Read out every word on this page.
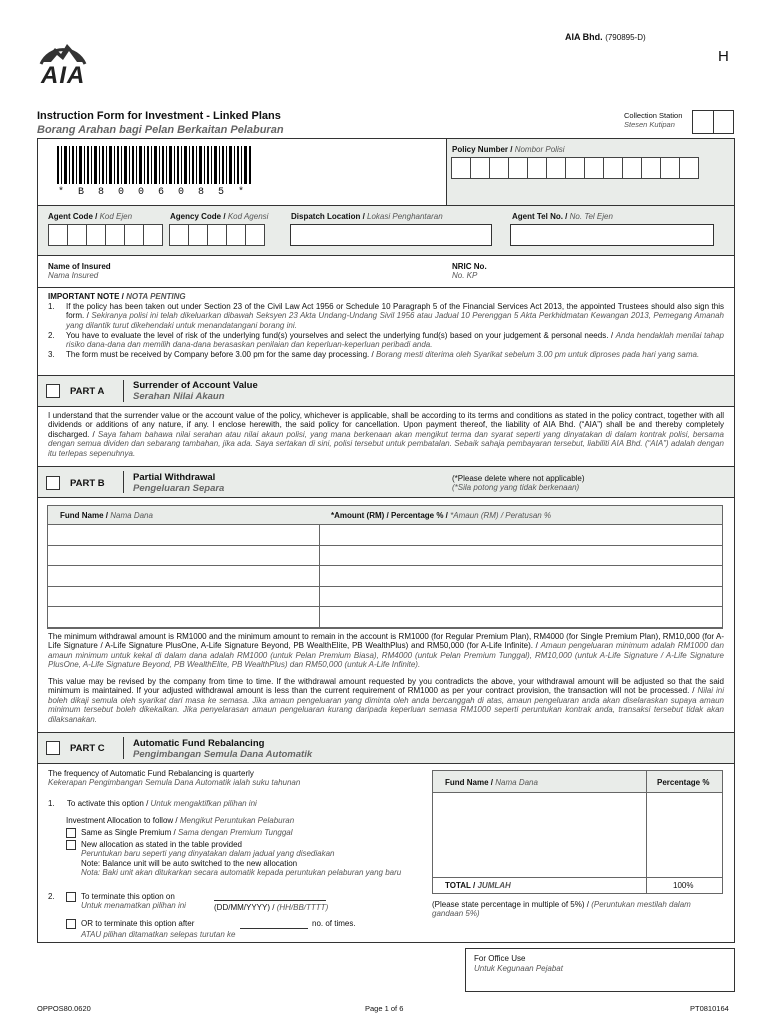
AIA
AIA Bhd. (790895-D)
H
Instruction Form for Investment - Linked Plans
Borang Arahan bagi Pelan Berkaitan Pelaburan
Collection Station
Stesen Kutipan
* B 8 0 0 6 0 8 5 *
Policy Number / Nombor Polisi
Agent Code / Kod Ejen	Agency Code / Kod Agensi	Dispatch Location / Lokasi Penghantaran	Agent Tel No. / No. Tel Ejen
Name of Insured
Nama Insured
NRIC No.
No. KP
IMPORTANT NOTE / NOTA PENTING
1. If the policy has been taken out under Section 23 of the Civil Law Act 1956 or Schedule 10 Paragraph 5 of the Financial Services Act 2013, the appointed Trustees should also sign this form. / Sekiranya polisi ini telah dikeluarkan dibawah Seksyen 23 Akta Undang-Undang Sivil 1956 atau Jadual 10 Perenggan 5 Akta Perkhidmatan Kewangan 2013, Pemegang Amanah yang dilantik turut dikehendaki untuk menandatangani borang ini.

2. You have to evaluate the level of risk of the underlying fund(s) yourselves and select the underlying fund(s) based on your judgement & personal needs. / Anda hendaklah menilai tahap risiko dana-dana dan memilih dana-dana berasaskan penilaian dan keperluan-keperluan peribadi anda.

3. The form must be received by Company before 3.00 pm for the same day processing. / Borang mesti diterima oleh Syarikat sebelum 3.00 pm untuk diproses pada hari yang sama.

PART A
Surrender of Account Value
Serahan Nilai Akaun
I understand that the surrender value or the account value of the policy, whichever is applicable, shall be according to its terms and conditions as stated in the policy contract, together with all dividends or additions of any nature, if any. I enclose herewith, the said policy for cancellation. Upon payment thereof, the liability of AIA Bhd. (“AIA”) shall be and thereby completely discharged. / Saya faham bahawa nilai serahan atau nilai akaun polisi, yang mana berkenaan akan mengikut terma dan syarat seperti yang dinyatakan di dalam kontrak polisi, bersama dengan semua dividen dan sebarang tambahan, jika ada. Saya sertakan di sini, polisi tersebut untuk pembatalan. Sebaik sahaja pembayaran tersebut, liabiliti AIA Bhd. (“AIA”) adalah dengan itu terlepas sepenuhnya.
PART B
Partial Withdrawal
Pengeluaran Separa
(*Please delete where not applicable)
(*Sila potong yang tidak berkenaan)
Fund Name / Nama Dana	*Amount (RM) / Percentage % / *Amaun (RM) / Peratusan %

The minimum withdrawal amount is RM1000 and the minimum amount to remain in the account is RM1000 (for Regular Premium Plan), RM4000 (for Single Premium Plan), RM10,000 (for A-Life Signature / A-Life Signature PlusOne, A-Life Signature Beyond, PB WealthElite, PB WealthPlus) and RM50,000 (for A-Life Infinite). / Amaun pengeluaran minimum adalah RM1000 dan amaun minimum untuk kekal di dalam dana adalah RM1000 (untuk Pelan Premium Biasa), RM4000 (untuk Pelan Premium Tunggal), RM10,000 (untuk A-Life Signature / A-Life Signature PlusOne, A-Life Signature Beyond, PB WealthElite, PB WealthPlus) dan RM50,000 (untuk A-Life Infinite).
This value may be revised by the company from time to time. If the withdrawal amount requested by you contradicts the above, your withdrawal amount will be adjusted so that the said minimum is maintained. If your adjusted withdrawal amount is less than the current requirement of RM1000 as per your contract provision, the transaction will not be processed. / Nilai ini boleh dikaji semula oleh syarikat dari masa ke semasa. Jika amaun pengeluaran yang diminta oleh anda bercanggah di atas, amaun pengeluaran anda akan diselaraskan supaya amaun minimum tersebut boleh dikekalkan. Jika penyelarasan amaun pengeluaran kurang daripada keperluan semasa RM1000 seperti peruntukan kontrak anda, transaksi tersebut tidak akan dilaksanakan.
PART C	Automatic Fund Rebalancing
Pengimbangan Semula Dana Automatik
The frequency of Automatic Fund Rebalancing is quarterly
Kekerapan Pengimbangan Semula Dana Automatik ialah suku tahunan
1. To activate this option / Untuk mengaktifkan pilihan ini
Investment Allocation to follow / Mengikut Peruntukan Pelaburan
Same as Single Premium / Sama dengan Premium Tunggal
New allocation as stated in the table provided
Peruntukan baru seperti yang dinyatakan dalam jadual yang disediakan
Note: Balance unit will be auto switched to the new allocation
Nota: Baki unit akan ditukarkan secara automatik kepada peruntukan pelaburan yang baru
2.	To terminate this option on
Untuk menamatkan pilihan ini	(DD/MM/YYYY) / (HH/BB/TTTT)
OR to terminate this option after	no. of times.
ATAU pilihan ditamatkan selepas turutan ke
Fund Name / Nama Dana	Percentage %
TOTAL / JUMLAH	100%
(Please state percentage in multiple of 5%) / (Peruntukan mestilah dalam gandaan 5%)
For Office Use
Untuk Kegunaan Pejabat
OPPOS80.0620	Page 1 of 6	PT0810164
